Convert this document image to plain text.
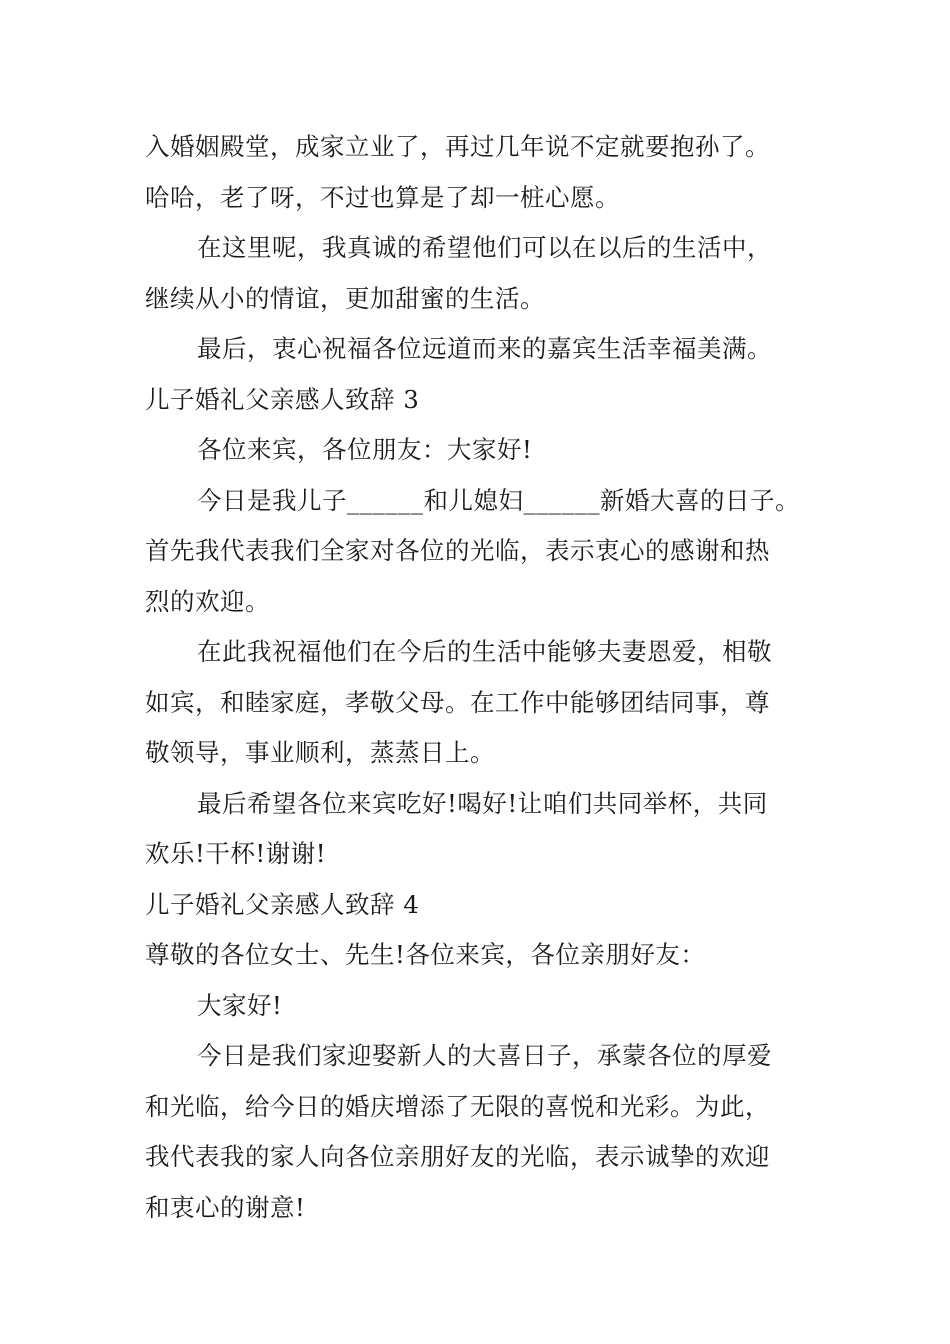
入婚姻殿堂，成家立业了，再过几年说不定就要抱孙了。
哈哈，老了呀，不过也算是了却一桩心愿。
在这里呢，我真诚的希望他们可以在以后的生活中，
继续从小的情谊，更加甜蜜的生活。
最后，衷心祝福各位远道而来的嘉宾生活幸福美满。
儿子婚礼父亲感人致辞 3
各位来宾，各位朋友：大家好!
今日是我儿子______和儿媳妇______新婚大喜的日子。
首先我代表我们全家对各位的光临，表示衷心的感谢和热
烈的欢迎。
在此我祝福他们在今后的生活中能够夫妻恩爱，相敬
如宾，和睦家庭，孝敬父母。在工作中能够团结同事，尊
敬领导，事业顺利，蒸蒸日上。
最后希望各位来宾吃好!喝好!让咱们共同举杯，共同
欢乐!干杯!谢谢!
儿子婚礼父亲感人致辞 4
尊敬的各位女士、先生!各位来宾，各位亲朋好友：
大家好!
今日是我们家迎娶新人的大喜日子，承蒙各位的厚爱
和光临，给今日的婚庆增添了无限的喜悦和光彩。为此，
我代表我的家人向各位亲朋好友的光临，表示诚挚的欢迎
和衷心的谢意!
